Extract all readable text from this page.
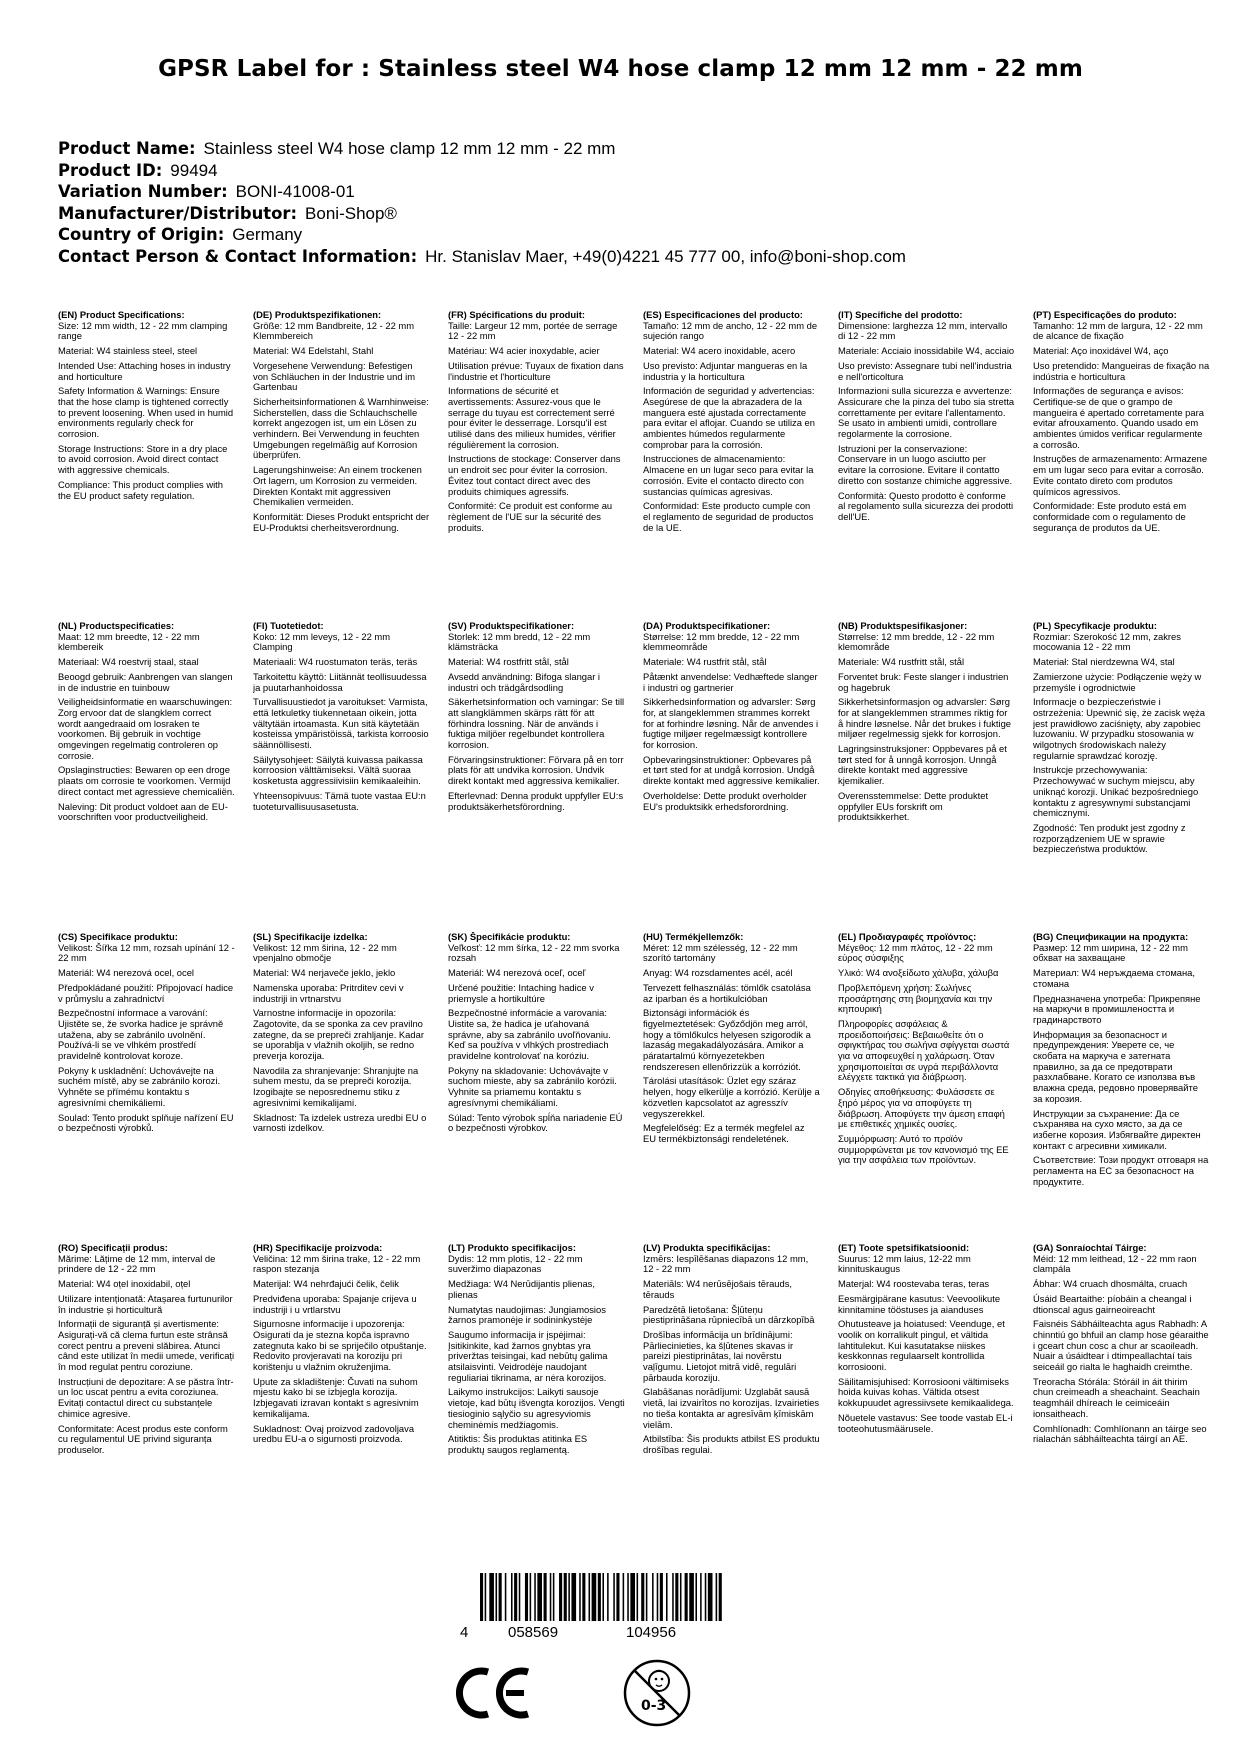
GPSR Label for : Stainless steel W4 hose clamp 12 mm 12 mm - 22 mm
Product Name: Stainless steel W4 hose clamp 12 mm 12 mm - 22 mm
Product ID: 99494
Variation Number: BONI-41008-01
Manufacturer/Distributor: Boni-Shop®
Country of Origin: Germany
Contact Person & Contact Information: Hr. Stanislav Maer, +49(0)4221 45 777 00, info@boni-shop.com
(EN) Product Specifications:

Size: 12 mm width, 12 - 22 mm clamping range

Material: W4 stainless steel, steel

Intended Use: Attaching hoses in industry and horticulture

Safety Information & Warnings: Ensure that the hose clamp is tightened correctly to prevent loosening. When used in humid environments regularly check for corrosion.

Storage Instructions: Store in a dry place to avoid corrosion. Avoid direct contact with aggressive chemicals.

Compliance: This product complies with the EU product safety regulation.

(DE) Produktspezifikationen:

Größe: 12 mm Bandbreite, 12 - 22 mm Klemmbereich

Material: W4 Edelstahl, Stahl

Vorgesehene Verwendung: Befestigen von Schläuchen in der Industrie und im Gartenbau

Sicherheitsinformationen & Warnhinweise: Sicherstellen, dass die Schlauchschelle korrekt angezogen ist, um ein Lösen zu verhindern. Bei Verwendung in feuchten Umgebungen regelmäßig auf Korrosion überprüfen.

Lagerungshinweise: An einem trockenen Ort lagern, um Korrosion zu vermeiden. Direkten Kontakt mit aggressiven Chemikalien vermeiden.

Konformität: Dieses Produkt entspricht der EU-Produktsi cherheitsverordnung.

(FR) Spécifications du produit:

Taille: Largeur 12 mm, portée de serrage 12 - 22 mm

Matériau: W4 acier inoxydable, acier

Utilisation prévue: Tuyaux de fixation dans l'industrie et l'horticulture

Informations de sécurité et avertissements: Assurez-vous que le serrage du tuyau est correctement serré pour éviter le desserrage. Lorsqu'il est utilisé dans des milieux humides, vérifier régulièrement la corrosion.

Instructions de stockage: Conserver dans un endroit sec pour éviter la corrosion. Évitez tout contact direct avec des produits chimiques agressifs.

Conformité: Ce produit est conforme au règlement de l'UE sur la sécurité des produits.

(ES) Especificaciones del producto:

Tamaño: 12 mm de ancho, 12 - 22 mm de sujeción rango

Material: W4 acero inoxidable, acero

Uso previsto: Adjuntar mangueras en la industria y la horticultura

Información de seguridad y advertencias: Asegúrese de que la abrazadera de la manguera esté ajustada correctamente para evitar el aflojar. Cuando se utiliza en ambientes húmedos regularmente comprobar para la corrosión.

Instrucciones de almacenamiento: Almacene en un lugar seco para evitar la corrosión. Evite el contacto directo con sustancias químicas agresivas.

Conformidad: Este producto cumple con el reglamento de seguridad de productos de la UE.

(IT) Specifiche del prodotto:

Dimensione: larghezza 12 mm, intervallo di 12 - 22 mm

Materiale: Acciaio inossidabile W4, acciaio

Uso previsto: Assegnare tubi nell'industria e nell'orticoltura

Informazioni sulla sicurezza e avvertenze: Assicurare che la pinza del tubo sia stretta correttamente per evitare l'allentamento. Se usato in ambienti umidi, controllare regolarmente la corrosione.

Istruzioni per la conservazione: Conservare in un luogo asciutto per evitare la corrosione. Evitare il contatto diretto con sostanze chimiche aggressive.

Conformità: Questo prodotto è conforme al regolamento sulla sicurezza dei prodotti dell'UE.

(PT) Especificações do produto:

Tamanho: 12 mm de largura, 12 - 22 mm de alcance de fixação

Material: Aço inoxidável W4, aço

Uso pretendido: Mangueiras de fixação na indústria e horticultura

Informações de segurança e avisos: Certifique-se de que o grampo de mangueira é apertado corretamente para evitar afrouxamento. Quando usado em ambientes úmidos verificar regularmente a corrosão.

Instruções de armazenamento: Armazene em um lugar seco para evitar a corrosão. Evite contato direto com produtos químicos agressivos.

Conformidade: Este produto está em conformidade com o regulamento de segurança de produtos da UE.

(NL) Productspecificaties:

Maat: 12 mm breedte, 12 - 22 mm klembereik

Materiaal: W4 roestvrij staal, staal

Beoogd gebruik: Aanbrengen van slangen in de industrie en tuinbouw

Veiligheidsinformatie en waarschuwingen: Zorg ervoor dat de slangklem correct wordt aangedraaid om losraken te voorkomen. Bij gebruik in vochtige omgevingen regelmatig controleren op corrosie.

Opslaginstructies: Bewaren op een droge plaats om corrosie te voorkomen. Vermijd direct contact met agressieve chemicaliën.

Naleving: Dit product voldoet aan de EU-voorschriften voor productveiligheid.

(FI) Tuotetiedot:

Koko: 12 mm leveys, 12 - 22 mm Clamping

Materiaali: W4 ruostumaton teräs, teräs

Tarkoitettu käyttö: Liitännät teollisuudessa ja puutarhanhoidossa

Turvallisuustiedot ja varoitukset: Varmista, että letkuletky tiukennetaan oikein, jotta vältytään irtoamasta. Kun sitä käytetään kosteissa ympäristöissä, tarkista korroosio säännöllisesti.

Säilytysohjeet: Säilytä kuivassa paikassa korroosion välttämiseksi. Vältä suoraa kosketusta aggressiivisiin kemikaaleihin.

Yhteensopivuus: Tämä tuote vastaa EU:n tuoteturvallisuusasetusta.

(SV) Produktspecifikationer:

Storlek: 12 mm bredd, 12 - 22 mm klämsträcka

Material: W4 rostfritt stål, stål

Avsedd användning: Bifoga slangar i industri och trädgårdsodling

Säkerhetsinformation och varningar: Se till att slangklämmen skärps rätt för att förhindra lossning. När de används i fuktiga miljöer regelbundet kontrollera korrosion.

Förvaringsinstruktioner: Förvara på en torr plats för att undvika korrosion. Undvik direkt kontakt med aggressiva kemikalier.

Efterlevnad: Denna produkt uppfyller EU:s produktsäkerhetsförordning.

(DA) Produktspecifikationer:

Størrelse: 12 mm bredde, 12 - 22 mm klemmeområde

Materiale: W4 rustfrit stål, stål

Påtænkt anvendelse: Vedhæftede slanger i industri og gartnerier

Sikkerhedsinformation og advarsler: Sørg for, at slangeklemmen strammes korrekt for at forhindre løsning. Når de anvendes i fugtige miljøer regelmæssigt kontrollere for korrosion.

Opbevaringsinstruktioner: Opbevares på et tørt sted for at undgå korrosion. Undgå direkte kontakt med aggressive kemikalier.

Overholdelse: Dette produkt overholder EU's produktsikk erhedsforordning.

(NB) Produktspesifikasjoner:

Størrelse: 12 mm bredde, 12 - 22 mm klemområde

Materiale: W4 rustfritt stål, stål

Forventet bruk: Feste slanger i industrien og hagebruk

Sikkerhetsinformasjon og advarsler: Sørg for at slangeklemmen strammes riktig for å hindre løsnelse. Når det brukes i fuktige miljøer regelmessig sjekk for korrosjon.

Lagringsinstruksjoner: Oppbevares på et tørt sted for å unngå korrosjon. Unngå direkte kontakt med aggressive kjemikalier.

Overensstemmelse: Dette produktet oppfyller EUs forskrift om produktsikkerhet.

(PL) Specyfikacje produktu:

Rozmiar: Szerokość 12 mm, zakres mocowania 12 - 22 mm

Materiał: Stal nierdzewna W4, stal

Zamierzone użycie: Podłączenie węży w przemyśle i ogrodnictwie

Informacje o bezpieczeństwie i ostrzeżenia: Upewnić się, że zacisk węża jest prawidłowo zaciśnięty, aby zapobiec luzowaniu. W przypadku stosowania w wilgotnych środowiskach należy regularnie sprawdzać korozję.

Instrukcje przechowywania: Przechowywać w suchym miejscu, aby uniknąć korozji. Unikać bezpośredniego kontaktu z agresywnymi substancjami chemicznymi.

Zgodność: Ten produkt jest zgodny z rozporządzeniem UE w sprawie bezpieczeństwa produktów.

(CS) Specifikace produktu:

Velikost: Šířka 12 mm, rozsah upínání 12 - 22 mm

Materiál: W4 nerezová ocel, ocel

Předpokládané použití: Připojovací hadice v průmyslu a zahradnictví

Bezpečnostní informace a varování: Ujistěte se, že svorka hadice je správně utažena, aby se zabránilo uvolnění. Používá-li se ve vlhkém prostředí pravidelně kontrolovat koroze.

Pokyny k uskladnění: Uchovávejte na suchém místě, aby se zabránilo korozi. Vyhněte se přímému kontaktu s agresivními chemikáliemi.

Soulad: Tento produkt splňuje nařízení EU o bezpečnosti výrobků.

(SL) Specifikacije izdelka:

Velikost: 12 mm širina, 12 - 22 mm vpenjalno območje

Material: W4 nerjaveče jeklo, jeklo

Namenska uporaba: Pritrditev cevi v industriji in vrtnarstvu

Varnostne informacije in opozorila: Zagotovite, da se sponka za cev pravilno zategne, da se prepreči zrahljanje. Kadar se uporablja v vlažnih okoljih, se redno preverja korozija.

Navodila za shranjevanje: Shranjujte na suhem mestu, da se prepreči korozija. Izogibajte se neposrednemu stiku z agresivnimi kemikalijami.

Skladnost: Ta izdelek ustreza uredbi EU o varnosti izdelkov.

(SK) Špecifikácie produktu:

Veľkosť: 12 mm šírka, 12 - 22 mm svorka rozsah

Materiál: W4 nerezová oceľ, oceľ

Určené použitie: Intaching hadice v priemysle a hortikultúre

Bezpečnostné informácie a varovania: Uistite sa, že hadica je uťahovaná správne, aby sa zabránilo uvoľňovaniu. Keď sa používa v vlhkých prostrediach pravidelne kontrolovať na koróziu.

Pokyny na skladovanie: Uchovávajte v suchom mieste, aby sa zabránilo korózii. Vyhnite sa priamemu kontaktu s agresívnymi chemikáliami.

Súlad: Tento výrobok spĺňa nariadenie EÚ o bezpečnosti výrobkov.

(HU) Termékjellemzők:

Méret: 12 mm szélesség, 12 - 22 mm szorító tartomány

Anyag: W4 rozsdamentes acél, acél

Tervezett felhasználás: tömlők csatolása az iparban és a hortikulcióban

Biztonsági információk és figyelmeztetések: Győződjön meg arról, hogy a tömlőkulcs helyesen szigorodik a lazaság megakadályozására. Amikor a páratartalmú környezetekben rendszeresen ellenőrizzük a korróziót.

Tárolási utasítások: Üzlet egy száraz helyen, hogy elkerülje a korrózió. Kerülje a közvetlen kapcsolatot az agresszív vegyszerekkel.

Megfelelőség: Ez a termék megfelel az EU termékbiztonsági rendeletének.

(EL) Προδιαγραφές προϊόντος:

Μέγεθος: 12 mm πλάτος, 12 - 22 mm εύρος σύσφιξης

Υλικό: W4 ανοξείδωτο χάλυβα, χάλυβα

Προβλεπόμενη χρήση: Σωλήνες προσάρτησης στη βιομηχανία και την κηπουρική

Πληροφορίες ασφάλειας & προειδοποιήσεις: Βεβαιωθείτε ότι ο σφιγκτήρας του σωλήνα σφίγγεται σωστά για να αποφευχθεί η χαλάρωση. Όταν χρησιμοποιείται σε υγρά περιβάλλοντα ελέγχετε τακτικά για διάβρωση.

Οδηγίες αποθήκευσης: Φυλάσσετε σε ξηρό μέρος για να αποφύγετε τη διάβρωση. Αποφύγετε την άμεση επαφή με επιθετικές χημικές ουσίες.

Συμμόρφωση: Αυτό το προϊόν συμμορφώνεται με τον κανονισμό της ΕΕ για την ασφάλεια των προϊόντων.

(BG) Спецификации на продукта:

Размер: 12 mm ширина, 12 - 22 mm обхват на захващане

Материал: W4 неръждаема стомана, стомана

Предназначена употреба: Прикрепяне на маркучи в промишлеността и градинарството

Информация за безопасност и предупреждения: Уверете се, че скобата на маркуча е затегната правилно, за да се предотврати разхлабване. Когато се използва във влажна среда, редовно проверявайте за корозия.

Инструкции за съхранение: Да се съхранява на сухо място, за да се избегне корозия. Избягвайте директен контакт с агресивни химикали.

Съответствие: Този продукт отговаря на регламента на ЕС за безопасност на продуктите.

(RO) Specificații produs:

Mărime: Lățime de 12 mm, interval de prindere de 12 - 22 mm

Material: W4 oțel inoxidabil, oțel

Utilizare intenționată: Atașarea furtunurilor în industrie și horticultură

Informații de siguranță și avertismente: Asigurați-vă că clema furtun este strânsă corect pentru a preveni slăbirea. Atunci când este utilizat în medii umede, verificați în mod regulat pentru coroziune.

Instrucțiuni de depozitare: A se păstra într-un loc uscat pentru a evita coroziunea. Evitați contactul direct cu substanțele chimice agresive.

Conformitate: Acest produs este conform cu regulamentul UE privind siguranța produselor.

(HR) Specifikacije proizvoda:

Veličina: 12 mm širina trake, 12 - 22 mm raspon stezanja

Materijal: W4 nehrđajući čelik, čelik

Predviđena uporaba: Spajanje crijeva u industriji i u vrtlarstvu

Sigurnosne informacije i upozorenja: Osigurati da je stezna kopča ispravno zategnuta kako bi se spriječilo otpuštanje. Redovito provjeravati na koroziju pri korištenju u vlažnim okruženjima.

Upute za skladištenje: Čuvati na suhom mjestu kako bi se izbjegla korozija. Izbjegavati izravan kontakt s agresivnim kemikalijama.

Sukladnost: Ovaj proizvod zadovoljava uredbu EU-a o sigurnosti proizvoda.

(LT) Produkto specifikacijos:

Dydis: 12 mm plotis, 12 - 22 mm suveržimo diapazonas

Medžiaga: W4 Nerūdijantis plienas, plienas

Numatytas naudojimas: Jungiamosios žarnos pramonėje ir sodininkystėje

Saugumo informacija ir įspėjimai: Įsitikinkite, kad žarnos gnybtas yra priveržtas teisingai, kad nebūtų galima atsilaisvinti. Veidrodėje naudojant reguliariai tikrinama, ar nėra korozijos.

Laikymo instrukcijos: Laikyti sausoje vietoje, kad būtų išvengta korozijos. Vengti tiesioginio sąlyčio su agresyviomis cheminėmis medžiagomis.

Atitiktis: Šis produktas atitinka ES produktų saugos reglamentą.

(LV) Produkta specifikācijas:

Izmērs: Iespīlēšanas diapazons 12 mm, 12 - 22 mm

Materiāls: W4 nerūsējošais tērauds, tērauds

Paredzētā lietošana: Šļūteņu piestiprināšana rūpniecībā un dārzkopībā

Drošības informācija un brīdinājumi: Pārliecinieties, ka šļūtenes skavas ir pareizi piestiprinātas, lai novērstu vaļīgumu. Lietojot mitrā vidē, regulāri pārbauda koroziju.

Glabāšanas norādījumi: Uzglabāt sausā vietā, lai izvairītos no korozijas. Izvairieties no tieša kontakta ar agresīvām ķīmiskām vielām.

Atbilstība: Šis produkts atbilst ES produktu drošības regulai.

(ET) Toote spetsifikatsioonid:

Suurus: 12 mm laius, 12-22 mm kinnituskaugus

Materjal: W4 roostevaba teras, teras

Eesmärgipärane kasutus: Veevoolikute kinnitamine tööstuses ja aianduses

Ohutusteave ja hoiatused: Veenduge, et voolik on korralikult pingul, et vältida lahtitulekut. Kui kasutatakse niiskes keskkonnas regulaarselt kontrollida korrosiooni.

Säilitamisjuhised: Korrosiooni vältimiseks hoida kuivas kohas. Vältida otsest kokkupuudet agressiivsete kemikaalidega.

Nõuetele vastavus: See toode vastab EL-i tooteohutusmäärusele.

(GA) Sonraíochtaí Táirge:

Méid: 12 mm leithead, 12 - 22 mm raon clampála

Ábhar: W4 cruach dhosmálta, cruach

Úsáid Beartaithe: píobáin a cheangal i dtionscal agus gairneoireacht

Faisnéis Sábháilteachta agus Rabhadh: A chinntiú go bhfuil an clamp hose géaraithe i gceart chun cosc a chur ar scaoileadh. Nuair a úsáidtear i dtimpeallachtaí tais seiceáil go rialta le haghaidh creimthe.

Treoracha Stórála: Stóráil in áit thirim chun creimeadh a sheachaint. Seachain teagmháil dhíreach le ceimiceáin ionsaitheach.

Comhlíonadh: Comhlíonann an táirge seo rialachán sábháilteachta táirgí an AE.

4	058569	104956
0-3
